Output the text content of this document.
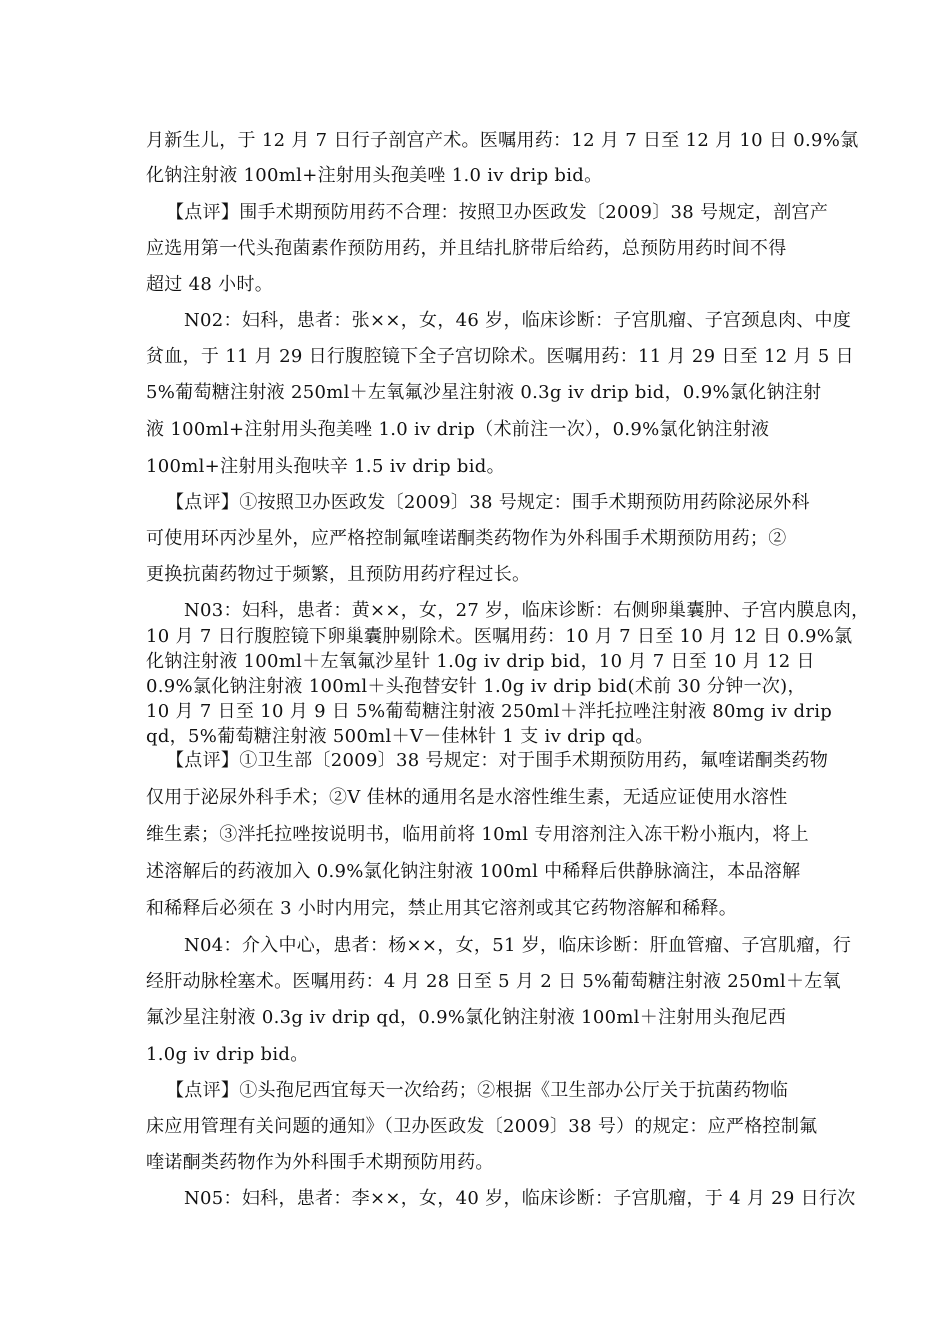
月新生儿，于 12 月 7 日行子剖宫产术。医嘱用药：12 月 7 日至 12 月 10 日 0.9%氯
化钠注射液 100ml+注射用头孢美唑 1.0 iv drip bid。
【点评】围手术期预防用药不合理：按照卫办医政发〔2009〕38 号规定，剖宫产
应选用第一代头孢菌素作预防用药，并且结扎脐带后给药，总预防用药时间不得
超过 48 小时。
N02：妇科，患者：张××，女，46 岁，临床诊断：子宫肌瘤、子宫颈息肉、中度
贫血，于 11 月 29 日行腹腔镜下全子宫切除术。医嘱用药：11 月 29 日至 12 月 5 日
5%葡萄糖注射液 250ml＋左氧氟沙星注射液 0.3g iv drip bid，0.9%氯化钠注射
液 100ml+注射用头孢美唑 1.0 iv drip（术前注一次），0.9%氯化钠注射液
100ml+注射用头孢呋辛 1.5 iv drip bid。
【点评】①按照卫办医政发〔2009〕38 号规定：围手术期预防用药除泌尿外科
可使用环丙沙星外，应严格控制氟喹诺酮类药物作为外科围手术期预防用药；②
更换抗菌药物过于频繁，且预防用药疗程过长。
N03：妇科，患者：黄××，女，27 岁，临床诊断：右侧卵巢囊肿、子宫内膜息肉，
10 月 7 日行腹腔镜下卵巢囊肿剔除术。医嘱用药：10 月 7 日至 10 月 12 日 0.9%氯
化钠注射液 100ml＋左氧氟沙星针 1.0g iv drip bid，10 月 7 日至 10 月 12 日
0.9%氯化钠注射液 100ml＋头孢替安针 1.0g iv drip bid(术前 30 分钟一次)，
10 月 7 日至 10 月 9 日 5%葡萄糖注射液 250ml＋泮托拉唑注射液 80mg iv drip
qd，5%葡萄糖注射液 500ml＋V－佳林针 1 支 iv drip qd。
【点评】①卫生部〔2009〕38 号规定：对于围手术期预防用药，氟喹诺酮类药物
仅用于泌尿外科手术；②V 佳林的通用名是水溶性维生素，无适应证使用水溶性
维生素；③泮托拉唑按说明书，临用前将 10ml 专用溶剂注入冻干粉小瓶内，将上
述溶解后的药液加入 0.9%氯化钠注射液 100ml 中稀释后供静脉滴注，本品溶解
和稀释后必须在 3 小时内用完，禁止用其它溶剂或其它药物溶解和稀释。
N04：介入中心，患者：杨××，女，51 岁，临床诊断：肝血管瘤、子宫肌瘤，行
经肝动脉栓塞术。医嘱用药：4 月 28 日至 5 月 2 日 5%葡萄糖注射液 250ml＋左氧
氟沙星注射液 0.3g iv drip qd，0.9%氯化钠注射液 100ml＋注射用头孢尼西
1.0g iv drip bid。
【点评】①头孢尼西宜每天一次给药；②根据《卫生部办公厅关于抗菌药物临
床应用管理有关问题的通知》（卫办医政发〔2009〕38 号）的规定：应严格控制氟
喹诺酮类药物作为外科围手术期预防用药。
N05：妇科，患者：李××，女，40 岁，临床诊断：子宫肌瘤，于 4 月 29 日行次
